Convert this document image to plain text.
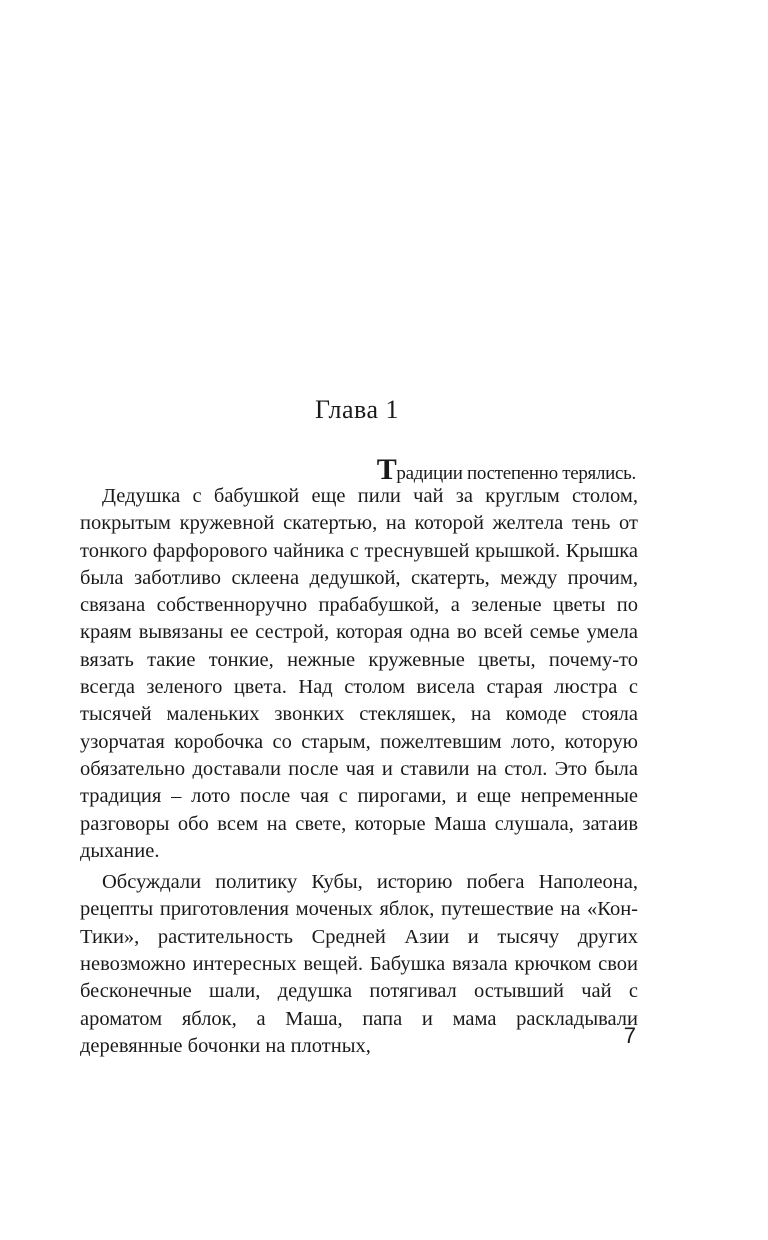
Глава 1

Традиции постепенно терялись.

Дедушка с бабушкой еще пили чай за круглым столом, покрытым кружевной скатертью, на которой желтела тень от тонкого фарфорового чайника с треснувшей крышкой. Крышка была заботливо склеена дедушкой, скатерть, между прочим, связана собственноручно прабабушкой, а зеленые цветы по краям вывязаны ее сестрой, которая одна во всей семье умела вязать такие тонкие, нежные кружевные цветы, почему-то всегда зеленого цвета. Над столом висела старая люстра с тысячей маленьких звонких стекляшек, на комоде стояла узорчатая коробочка со старым, пожелтевшим лото, которую обязательно доставали после чая и ставили на стол. Это была традиция – лото после чая с пирогами, и еще непременные разговоры обо всем на свете, которые Маша слушала, затаив дыхание.

Обсуждали политику Кубы, историю побега Наполеона, рецепты приготовления моченых яблок, путешествие на «Кон-Тики», растительность Средней Азии и тысячу других невозможно интересных вещей. Бабушка вязала крючком свои бесконечные шали, дедушка потягивал остывший чай с ароматом яблок, а Маша, папа и мама раскладывали деревянные бочонки на плотных,	7
